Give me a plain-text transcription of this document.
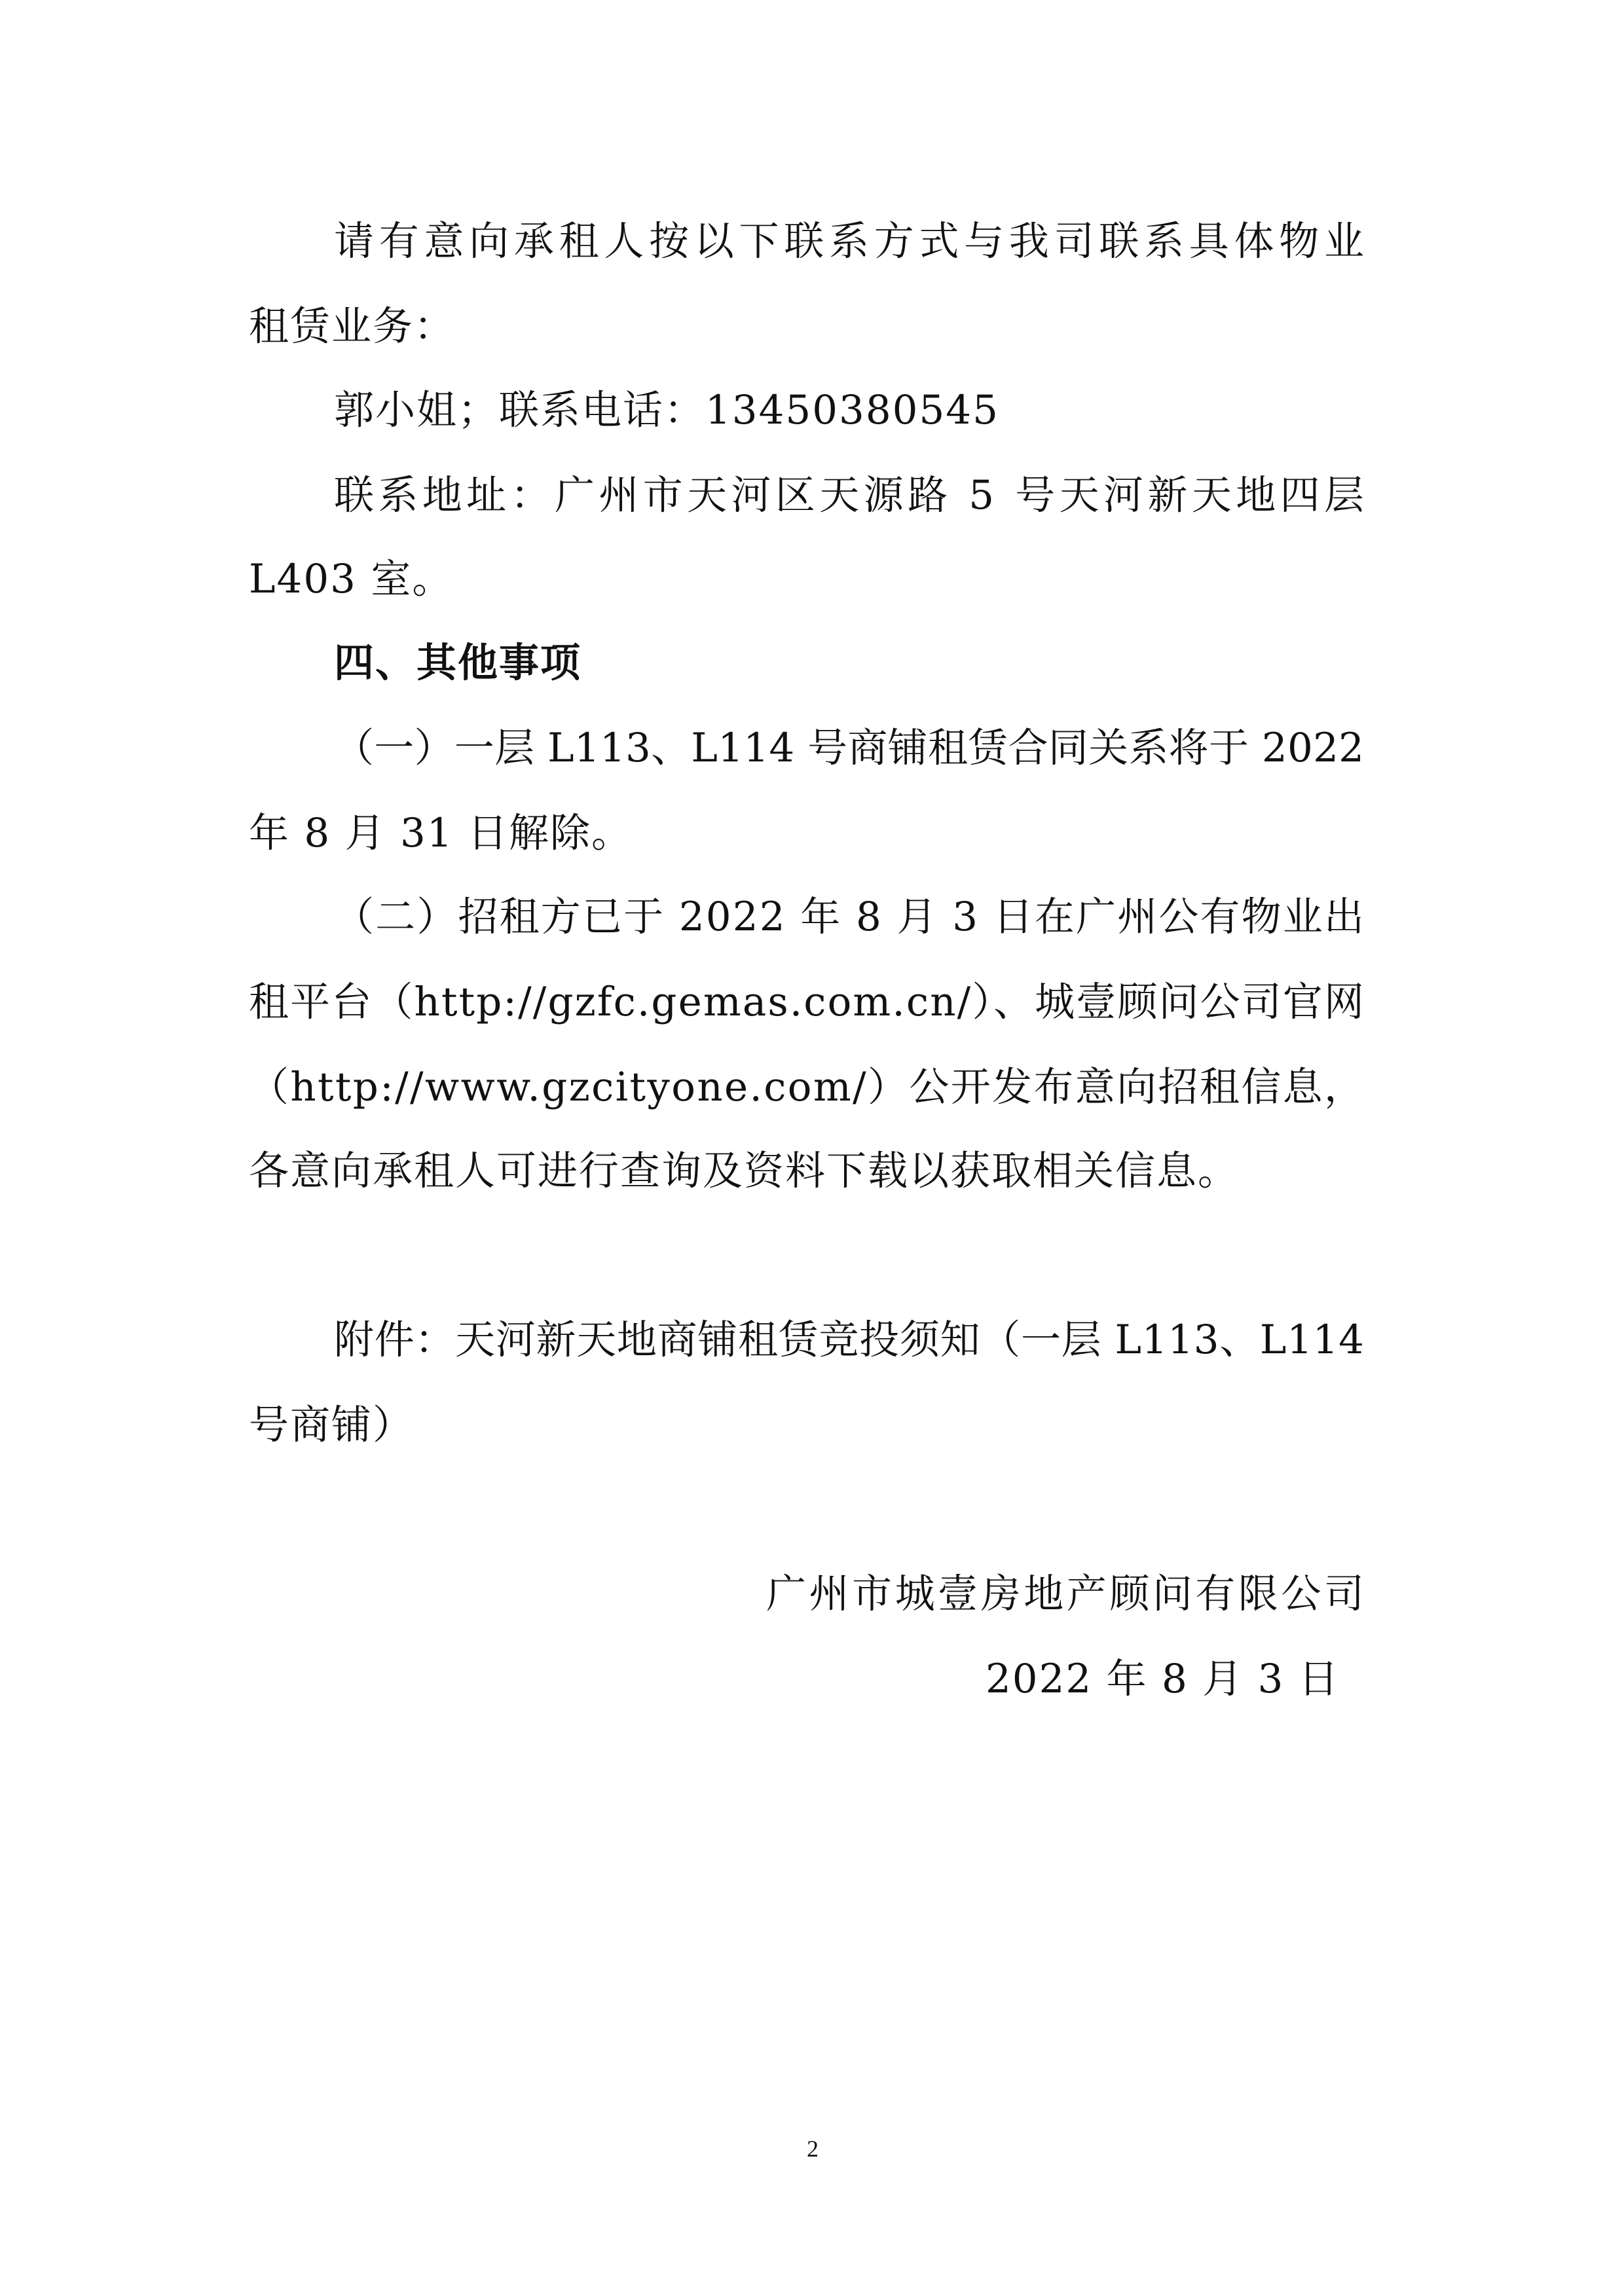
请有意向承租人按以下联系方式与我司联系具体物业
租赁业务：
郭小姐；联系电话：13450380545
联系地址：广州市天河区天源路 5 号天河新天地四层
L403 室。
四、其他事项
（一）一层 L113、L114 号商铺租赁合同关系将于 2022
年 8 月 31 日解除。
（二）招租方已于 2022 年 8 月 3 日在广州公有物业出
租平台（http://gzfc.gemas.com.cn/）、城壹顾问公司官网
（http://www.gzcityone.com/）公开发布意向招租信息，
各意向承租人可进行查询及资料下载以获取相关信息。
附件：天河新天地商铺租赁竞投须知（一层 L113、L114
号商铺）
广州市城壹房地产顾问有限公司
2022 年 8 月 3 日
2
